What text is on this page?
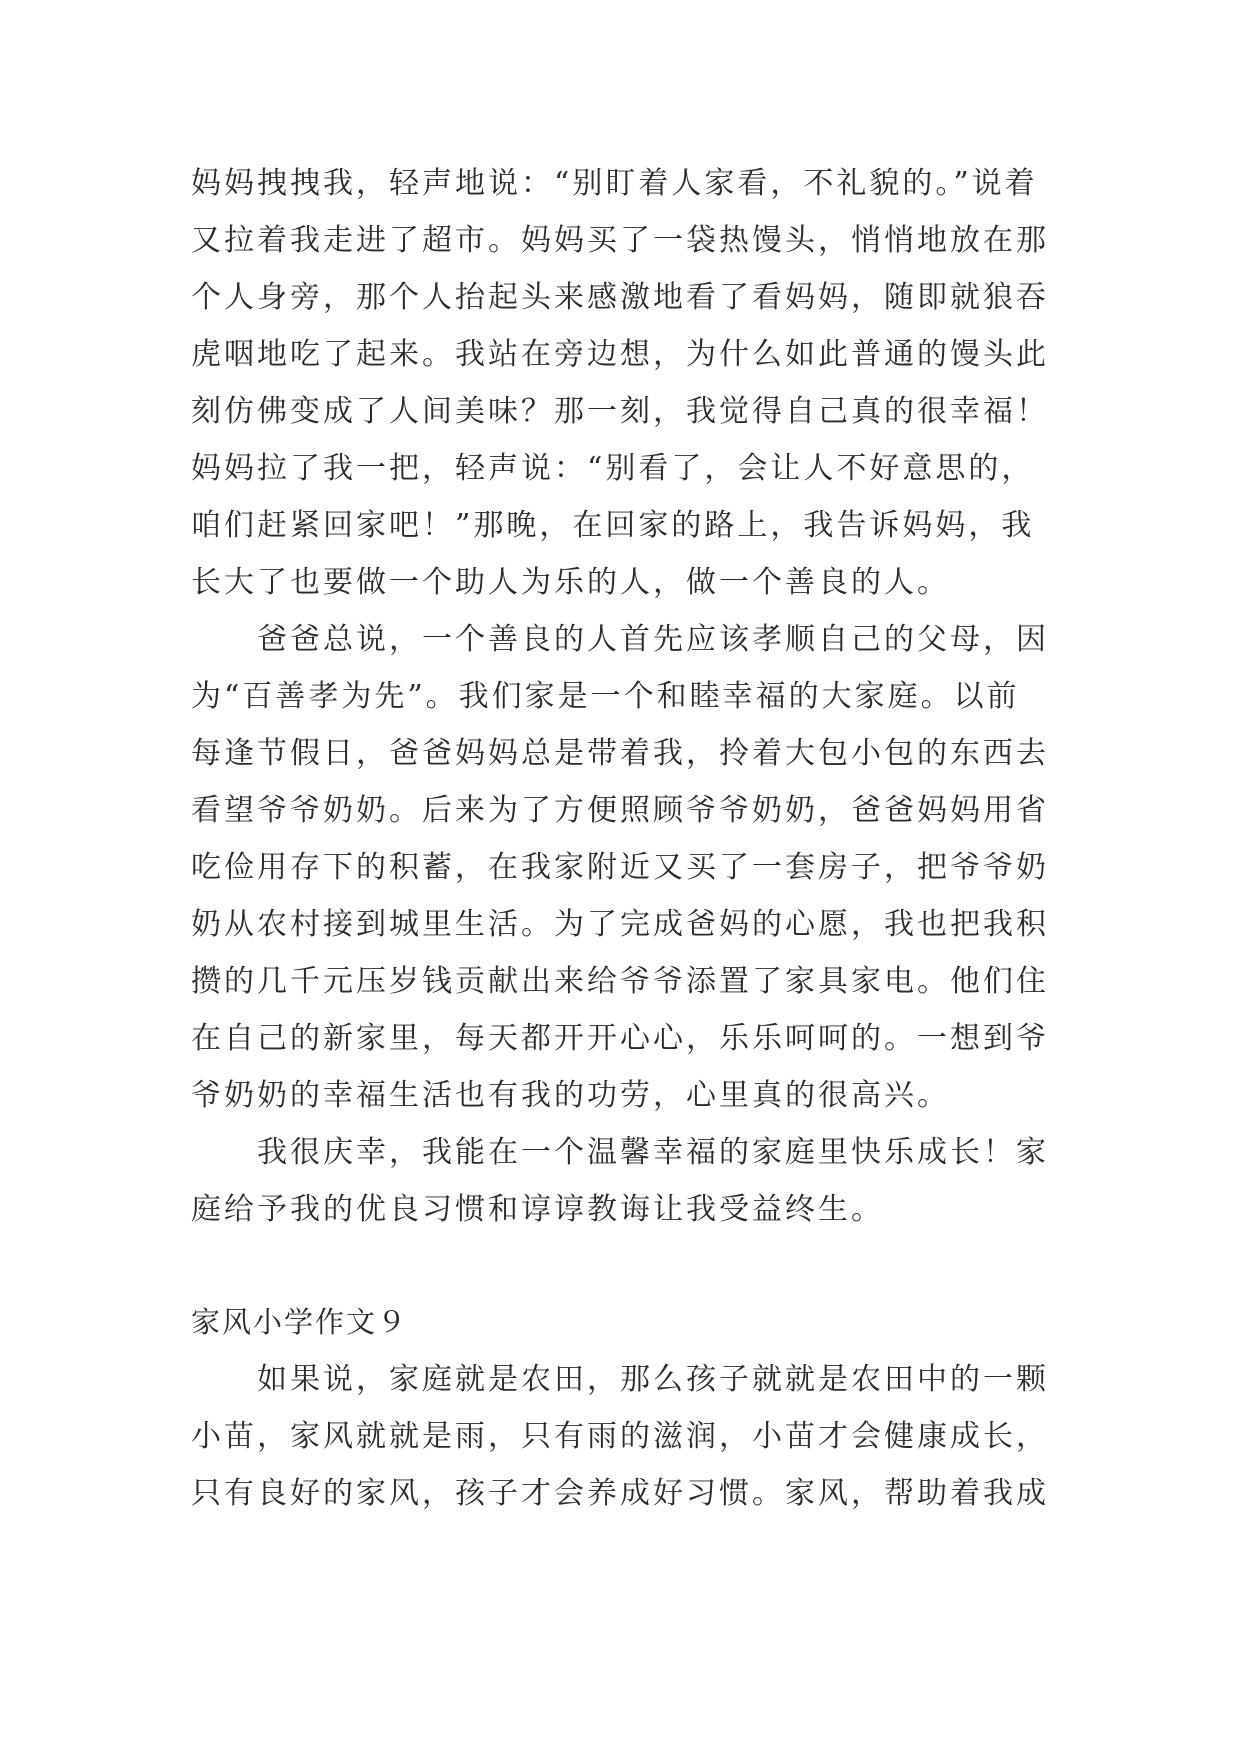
妈妈拽拽我，轻声地说：“别盯着人家看，不礼貌的。”说着
又拉着我走进了超市。妈妈买了一袋热馒头，悄悄地放在那
个人身旁，那个人抬起头来感激地看了看妈妈，随即就狼吞
虎咽地吃了起来。我站在旁边想，为什么如此普通的馒头此
刻仿佛变成了人间美味？那一刻，我觉得自己真的很幸福！
妈妈拉了我一把，轻声说：“别看了，会让人不好意思的，
咱们赶紧回家吧！”那晚，在回家的路上，我告诉妈妈，我
长大了也要做一个助人为乐的人，做一个善良的人。
爸爸总说，一个善良的人首先应该孝顺自己的父母，因
为“百善孝为先”。我们家是一个和睦幸福的大家庭。以前
每逢节假日，爸爸妈妈总是带着我，拎着大包小包的东西去
看望爷爷奶奶。后来为了方便照顾爷爷奶奶，爸爸妈妈用省
吃俭用存下的积蓄，在我家附近又买了一套房子，把爷爷奶
奶从农村接到城里生活。为了完成爸妈的心愿，我也把我积
攒的几千元压岁钱贡献出来给爷爷添置了家具家电。他们住
在自己的新家里，每天都开开心心，乐乐呵呵的。一想到爷
爷奶奶的幸福生活也有我的功劳，心里真的很高兴。
我很庆幸，我能在一个温馨幸福的家庭里快乐成长！家
庭给予我的优良习惯和谆谆教诲让我受益终生。
家风小学作文９
如果说，家庭就是农田，那么孩子就就是农田中的一颗
小苗，家风就就是雨，只有雨的滋润，小苗才会健康成长，
只有良好的家风，孩子才会养成好习惯。家风，帮助着我成
